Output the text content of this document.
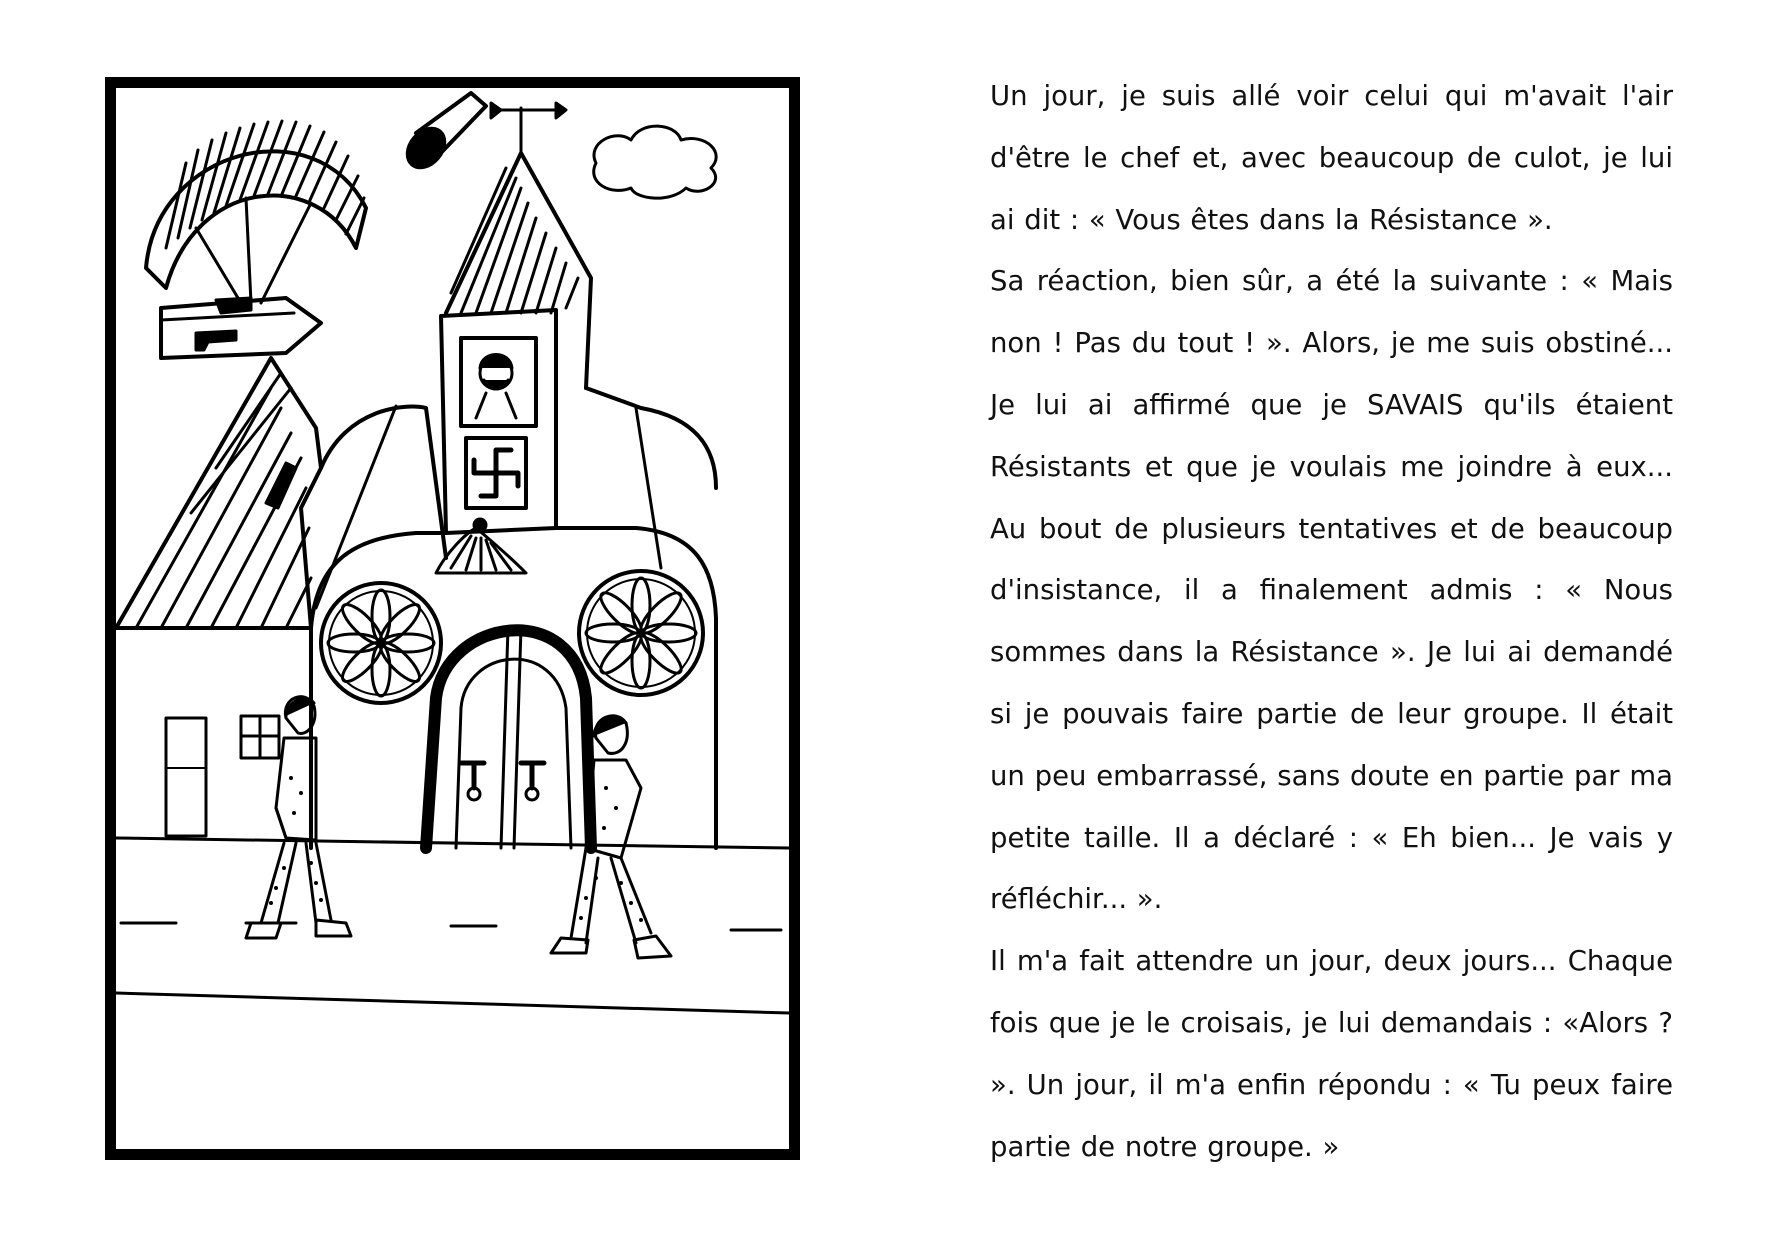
Un jour, je suis allé voir celui qui m'avait l'air d'être le chef et, avec beaucoup de culot, je lui ai dit : « Vous êtes dans la Résistance ».

Sa réaction, bien sûr, a été la suivante : « Mais non ! Pas du tout ! ». Alors, je me suis obstiné... Je lui ai affirmé que je SAVAIS qu'ils étaient Résistants et que je voulais me joindre à eux... Au bout de plusieurs tentatives et de beaucoup d'insistance, il a finalement admis : « Nous sommes dans la Résistance ». Je lui ai demandé si je pouvais faire partie de leur groupe. Il était un peu embarrassé, sans doute en partie par ma petite taille. Il a déclaré : « Eh bien... Je vais y réfléchir... ».

Il m'a fait attendre un jour, deux jours... Chaque fois que je le croisais, je lui demandais : «Alors ? ». Un jour, il m'a enfin répondu : « Tu peux faire partie de notre groupe. »
